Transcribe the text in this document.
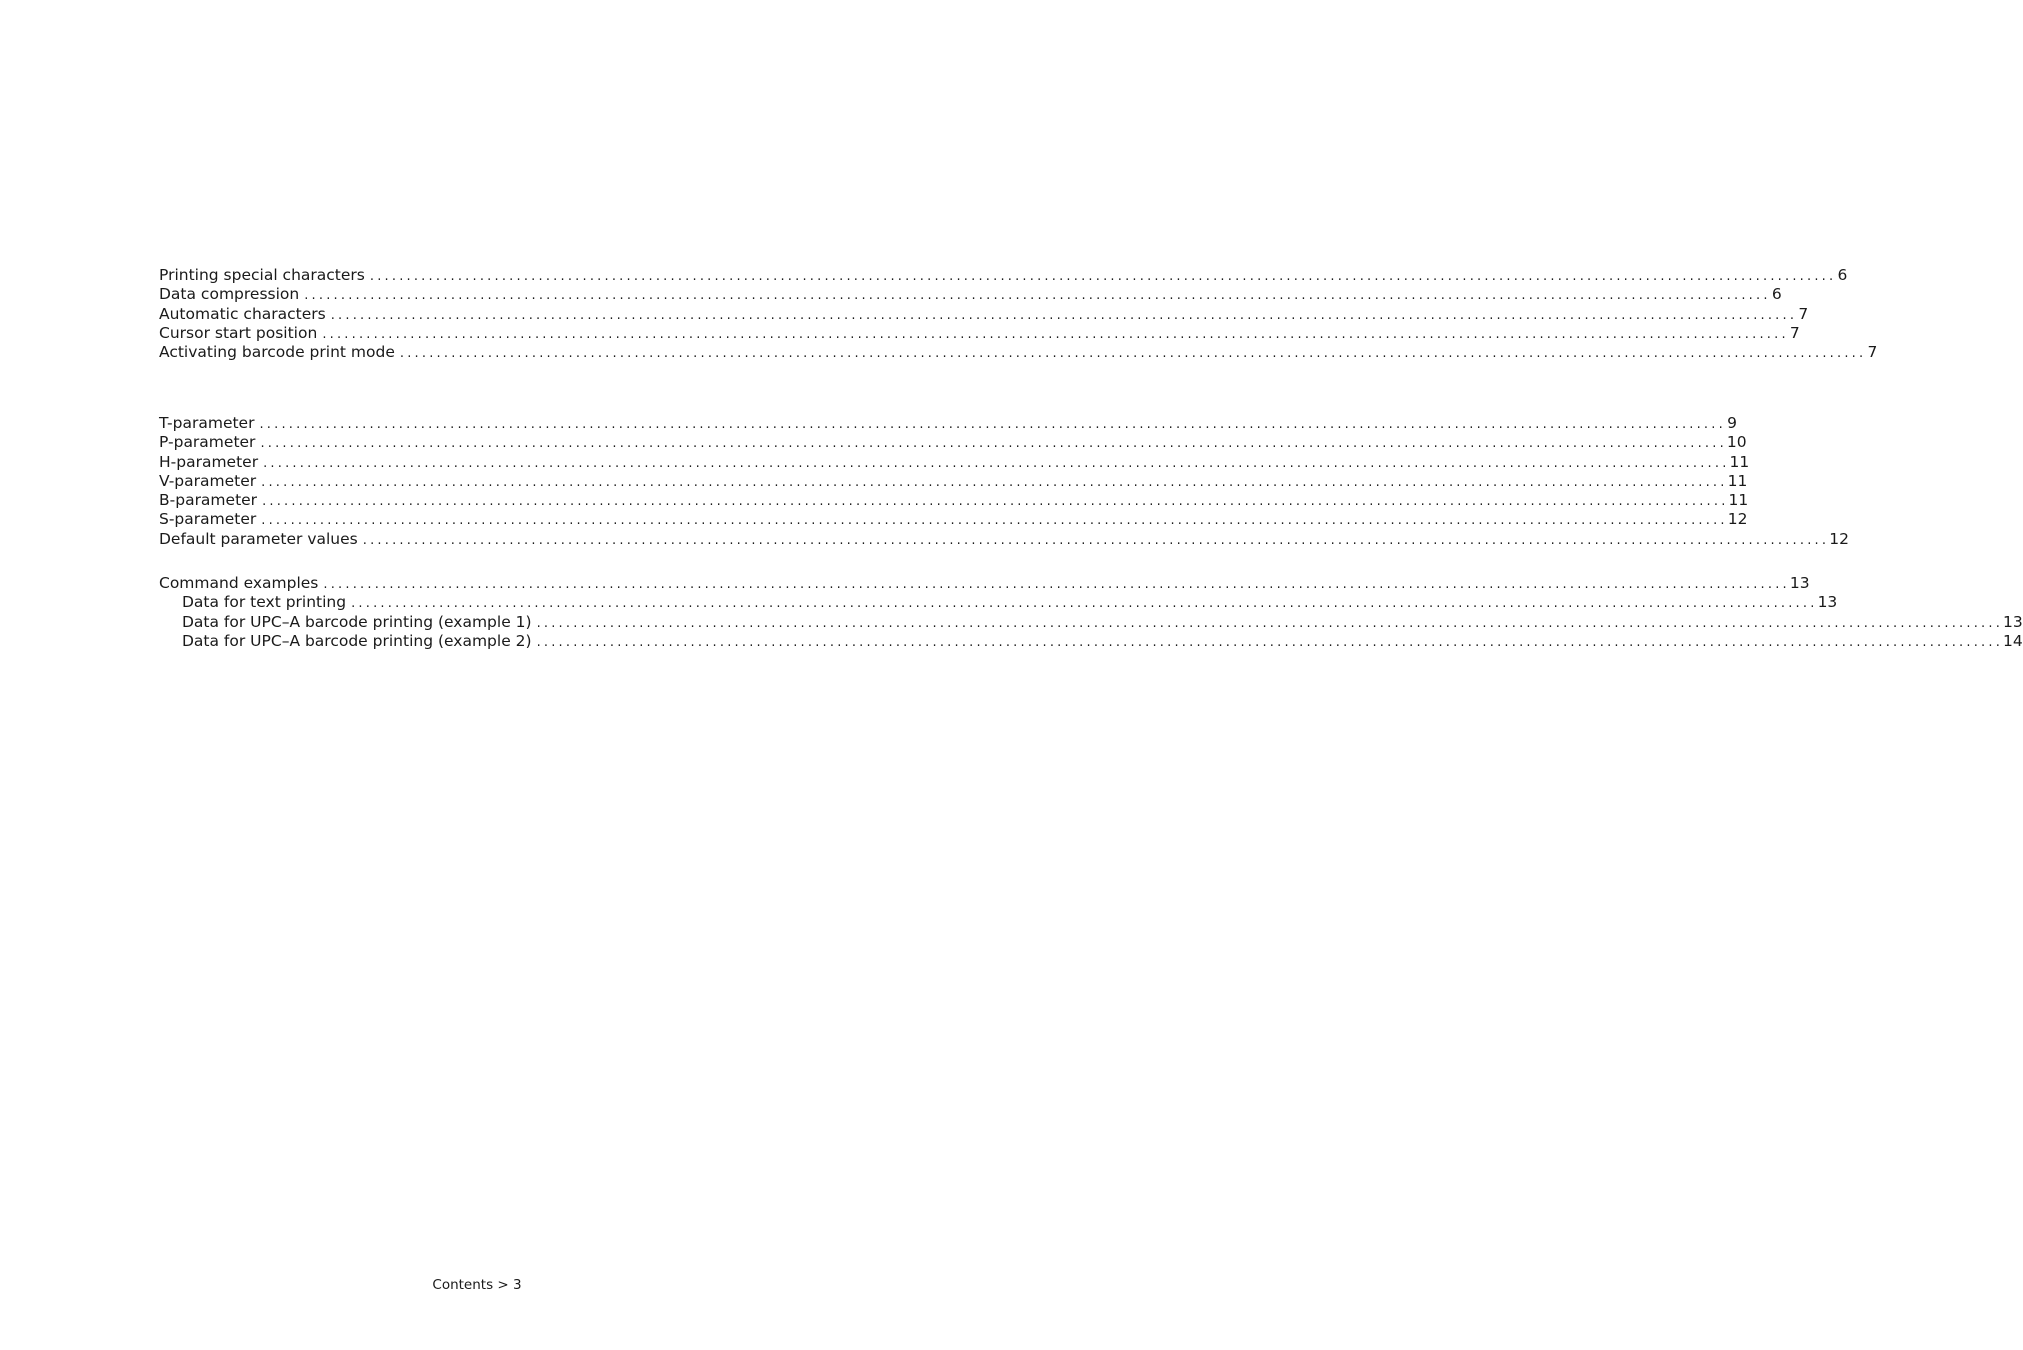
Printing special characters ........................................................................................................................................................................................................ 6
Data compression ........................................................................................................................................................................................................ 6
Automatic characters ........................................................................................................................................................................................................ 7
Cursor start position ........................................................................................................................................................................................................ 7
Activating barcode print mode ........................................................................................................................................................................................................ 7
T-parameter ........................................................................................................................................................................................................ 9
P-parameter ........................................................................................................................................................................................................ 10
H-parameter ........................................................................................................................................................................................................ 11
V-parameter ........................................................................................................................................................................................................ 11
B-parameter ........................................................................................................................................................................................................ 11
S-parameter ........................................................................................................................................................................................................ 12
Default parameter values ........................................................................................................................................................................................................ 12
Command examples ........................................................................................................................................................................................................ 13
Data for text printing ........................................................................................................................................................................................................ 13
Data for UPC–A barcode printing (example 1) ........................................................................................................................................................................................................ 13
Data for UPC–A barcode printing (example 2) ........................................................................................................................................................................................................ 14
Contents > 3
